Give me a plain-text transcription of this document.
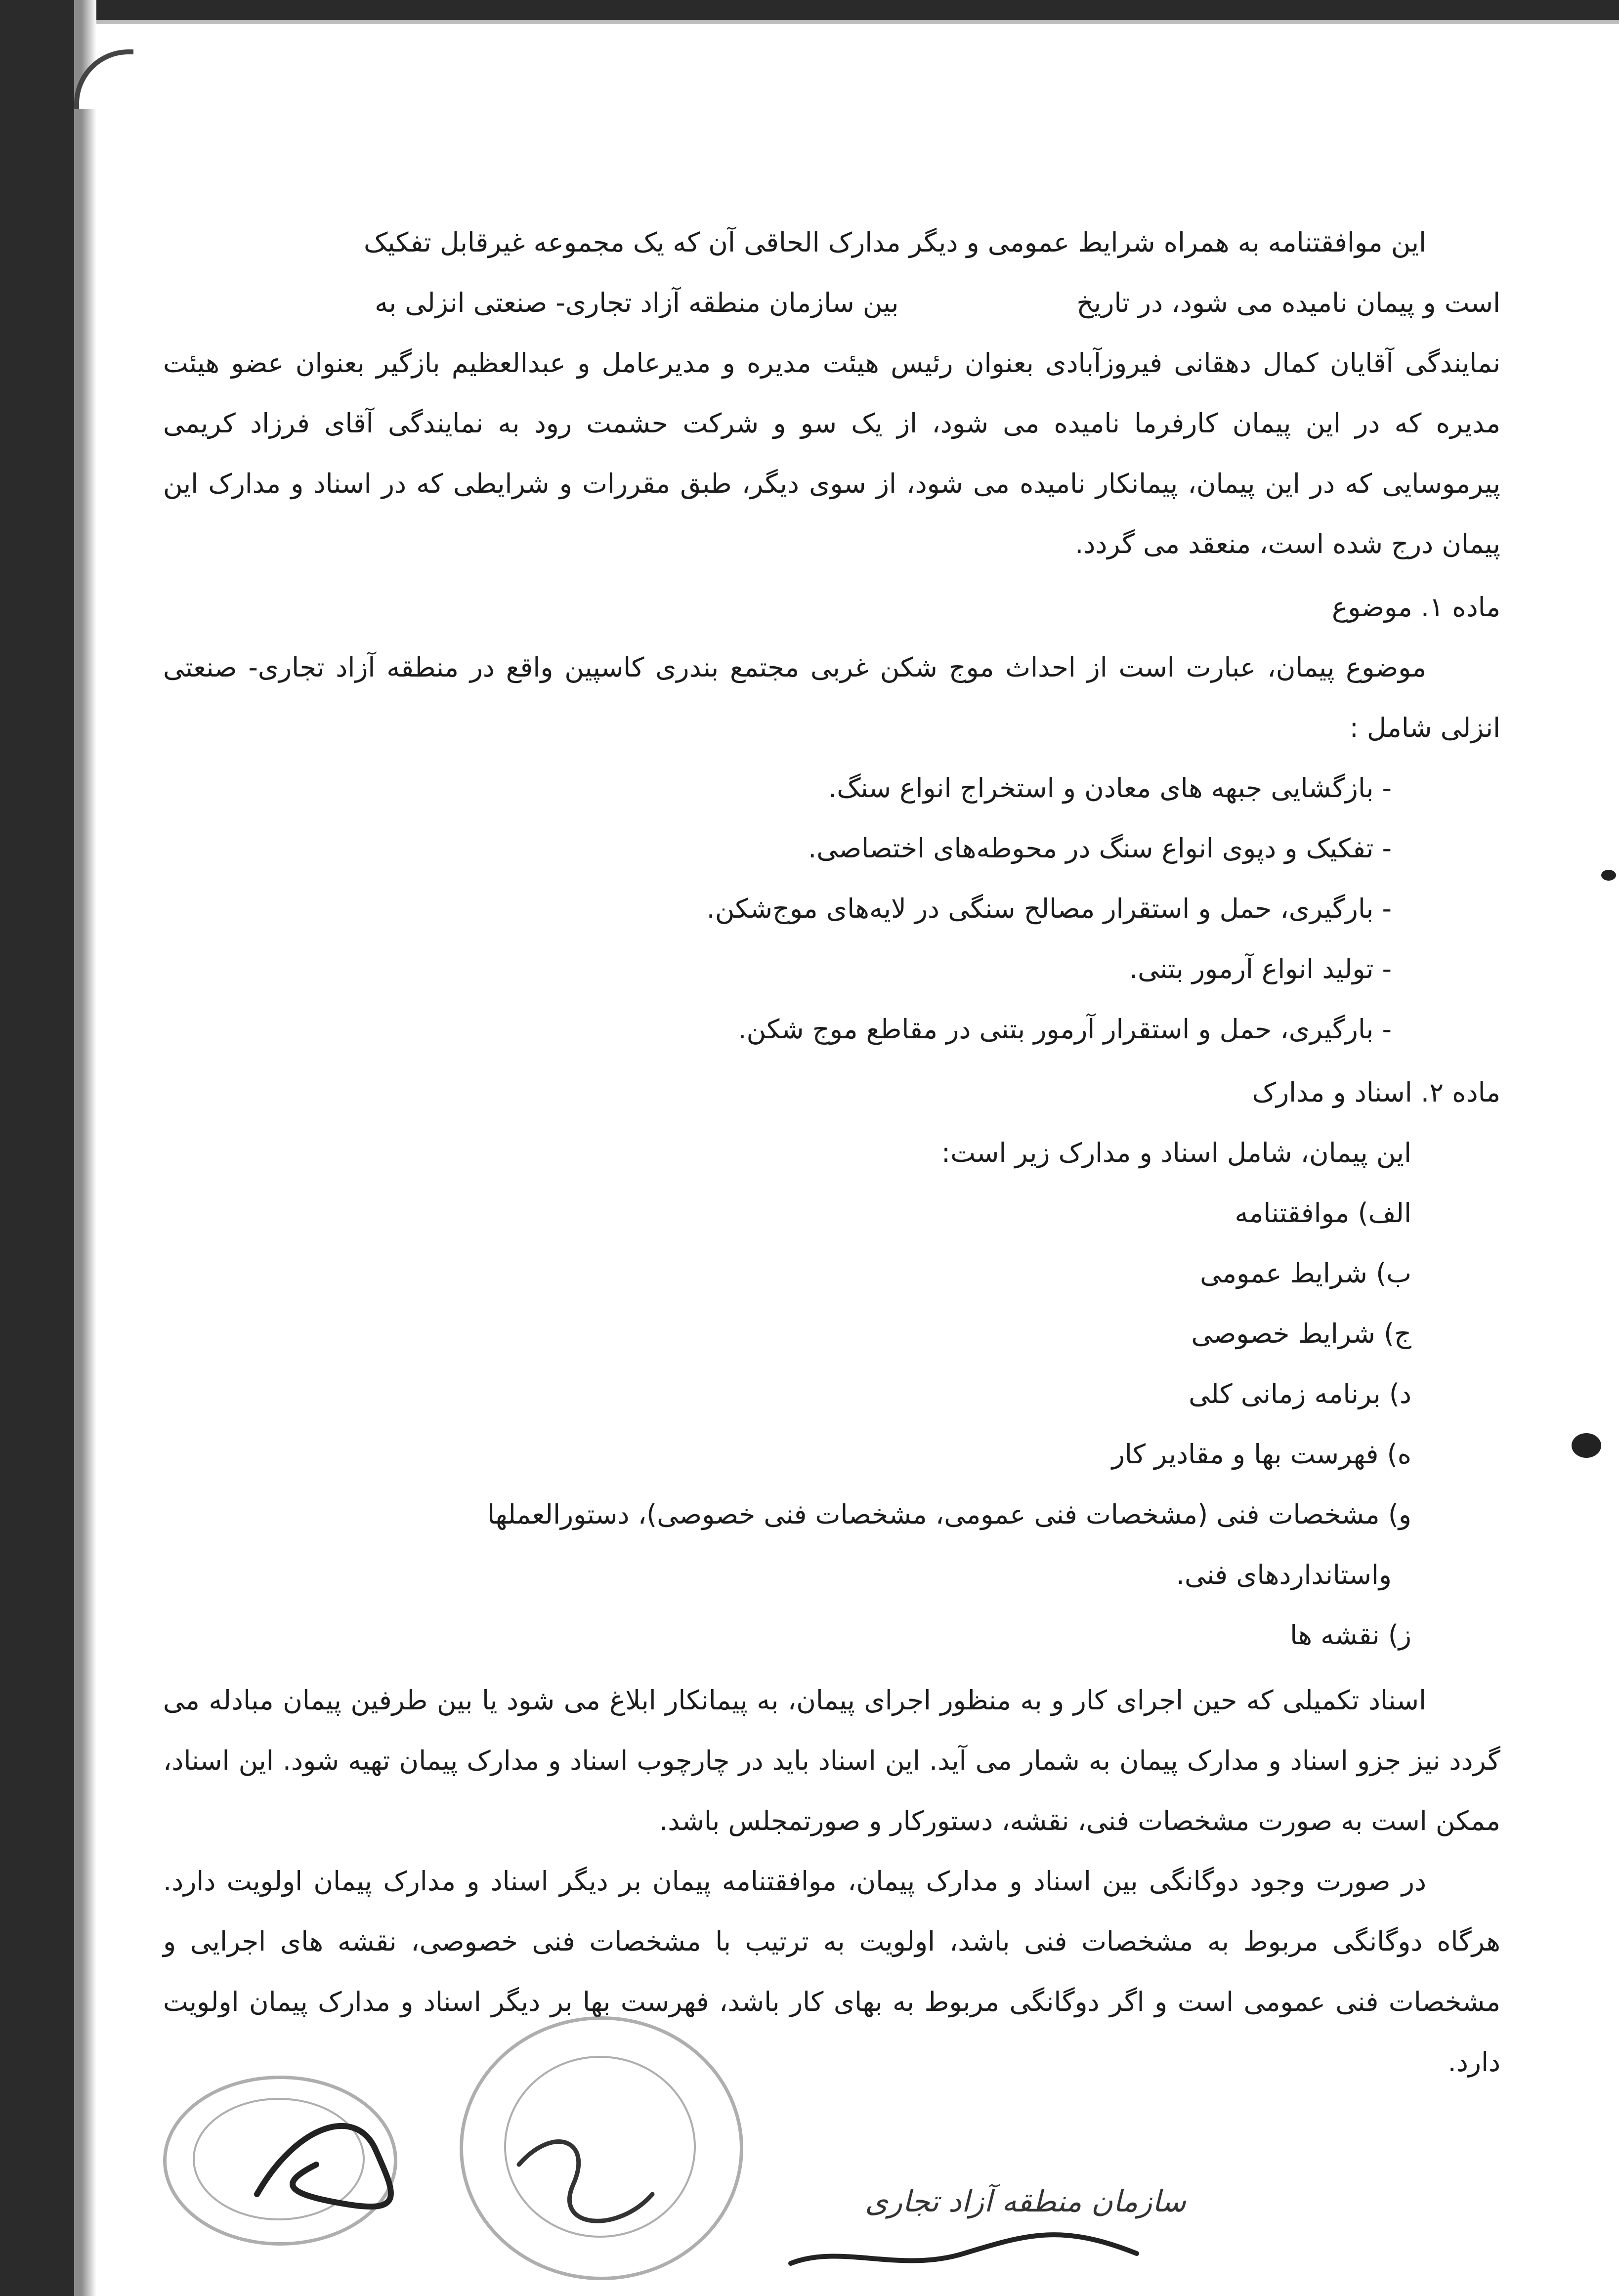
این موافقتنامه به همراه شرایط عمومی و دیگر مدارک الحاقی آن که یک مجموعه غیرقابل تفکیک

است و پیمان نامیده می شود، در تاریخبین سازمان منطقه آزاد تجاری- صنعتی انزلی به

نمایندگی آقایان کمال دهقانی فیروزآبادی بعنوان رئیس هیئت مدیره و مدیرعامل و عبدالعظیم بازگیر بعنوان عضو هیئت مدیره که در این پیمان کارفرما نامیده می شود، از یک سو و شرکت حشمت رود به نمایندگی آقای فرزاد کریمی پیرموسایی که در این پیمان، پیمانکار نامیده می شود، از سوی دیگر، طبق مقررات و شرایطی که در اسناد و مدارک این پیمان درج شده است، منعقد می گردد.

ماده ۱. موضوع

موضوع پیمان، عبارت است از احداث موج شکن غربی مجتمع بندری کاسپین واقع در منطقه آزاد تجاری- صنعتی انزلی شامل :

- بازگشایی جبهه های معادن و استخراج انواع سنگ.

- تفکیک و دپوی انواع سنگ در محوطه‌های اختصاصی.

- بارگیری، حمل و استقرار مصالح سنگی در لایه‌های موج‌شکن.

- تولید انواع آرمور بتنی.

- بارگیری، حمل و استقرار آرمور بتنی در مقاطع موج شکن.

ماده ۲. اسناد و مدارک

این پیمان، شامل اسناد و مدارک زیر است:

الف) موافقتنامه

ب) شرایط عمومی

ج) شرایط خصوصی

د) برنامه زمانی کلی

ه) فهرست بها و مقادیر کار

و) مشخصات فنی (مشخصات فنی عمومی، مشخصات فنی خصوصی)، دستورالعملها

واستانداردهای فنی.

ز) نقشه ها

اسناد تکمیلی که حین اجرای کار و به منظور اجرای پیمان، به پیمانکار ابلاغ می شود یا بین طرفین پیمان مبادله می گردد نیز جزو اسناد و مدارک پیمان به شمار می آید. این اسناد باید در چارچوب اسناد و مدارک پیمان تهیه شود. این اسناد، ممکن است به صورت مشخصات فنی، نقشه، دستورکار و صورتمجلس باشد.

در صورت وجود دوگانگی بین اسناد و مدارک پیمان، موافقتنامه پیمان بر دیگر اسناد و مدارک پیمان اولویت دارد. هرگاه دوگانگی مربوط به مشخصات فنی باشد، اولویت به ترتیب با مشخصات فنی خصوصی، نقشه های اجرایی و مشخصات فنی عمومی است و اگر دوگانگی مربوط به بهای کار باشد، فهرست بها بر دیگر اسناد و مدارک پیمان اولویت دارد.

سازمان منطقه آزاد تجاری
